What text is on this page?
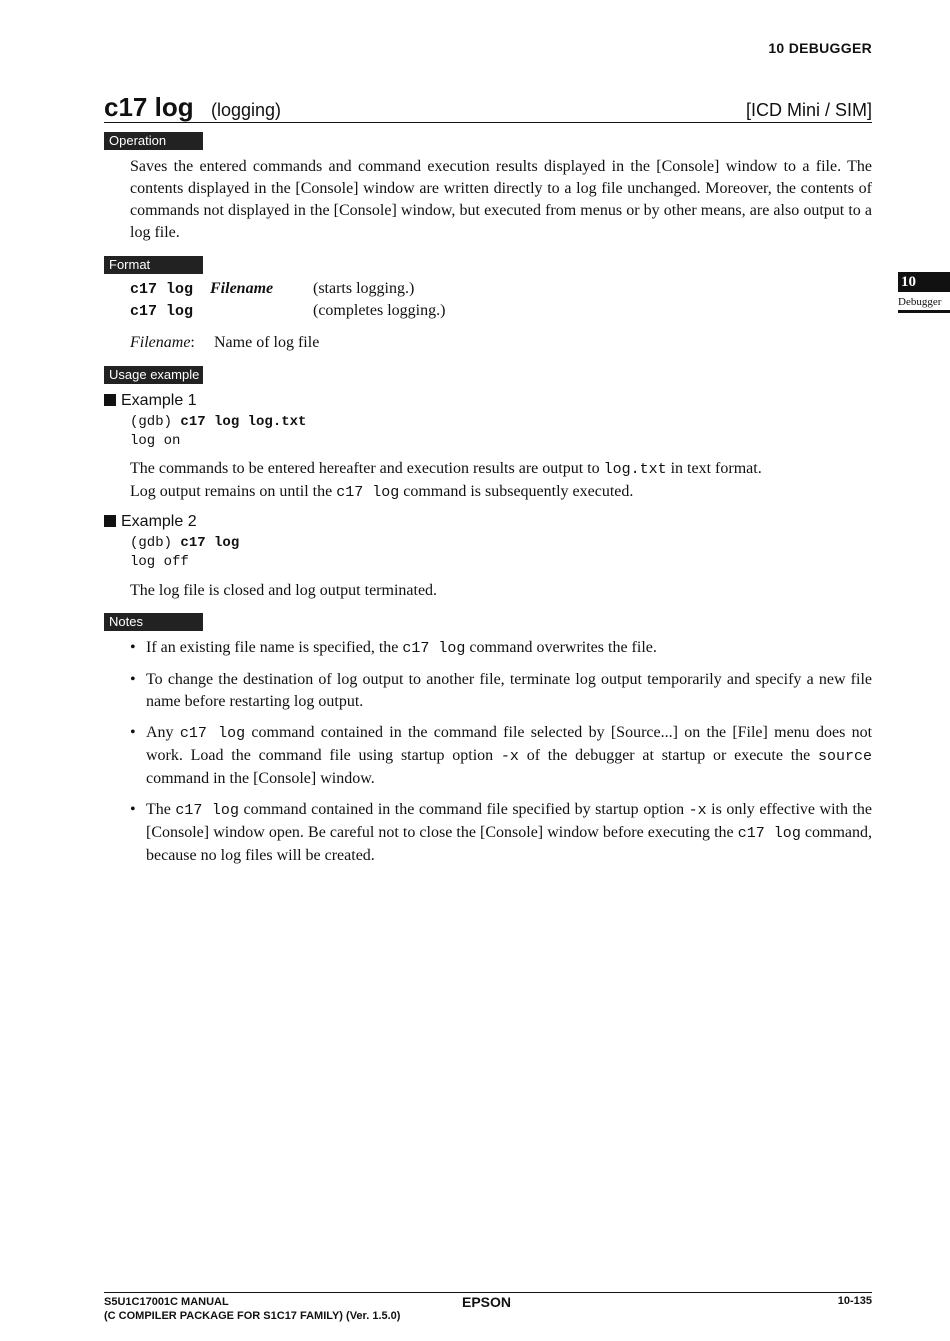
10 DEBUGGER
c17 log (logging)	[ICD Mini / SIM]
Operation
Saves the entered commands and command execution results displayed in the [Console] window to a file. The contents displayed in the [Console] window are written directly to a log file unchanged. Moreover, the contents of commands not displayed in the [Console] window, but executed from menus or by other means, are also output to a log file.
Format
c17 log Filename (starts logging.)
c17 log	(completes logging.)
Filename: Name of log file
Usage example
Example 1
(gdb) c17 log log.txt
log on
The commands to be entered hereafter and execution results are output to log.txt in text format.
Log output remains on until the c17 log command is subsequently executed.
Example 2
(gdb) c17 log
log off
The log file is closed and log output terminated.
Notes
• If an existing file name is specified, the c17 log command overwrites the file.
• To change the destination of log output to another file, terminate log output temporarily and specify a new file name before restarting log output.
• Any c17 log command contained in the command file selected by [Source...] on the [File] menu does not work. Load the command file using startup option -x of the debugger at startup or execute the source command in the [Console] window.
• The c17 log command contained in the command file specified by startup option -x is only effective with the [Console] window open. Be careful not to close the [Console] window before executing the c17 log command, because no log files will be created.
10
Debugger
S5U1C17001C MANUAL
(C COMPILER PACKAGE FOR S1C17 FAMILY) (Ver. 1.5.0)
EPSON	10-135
